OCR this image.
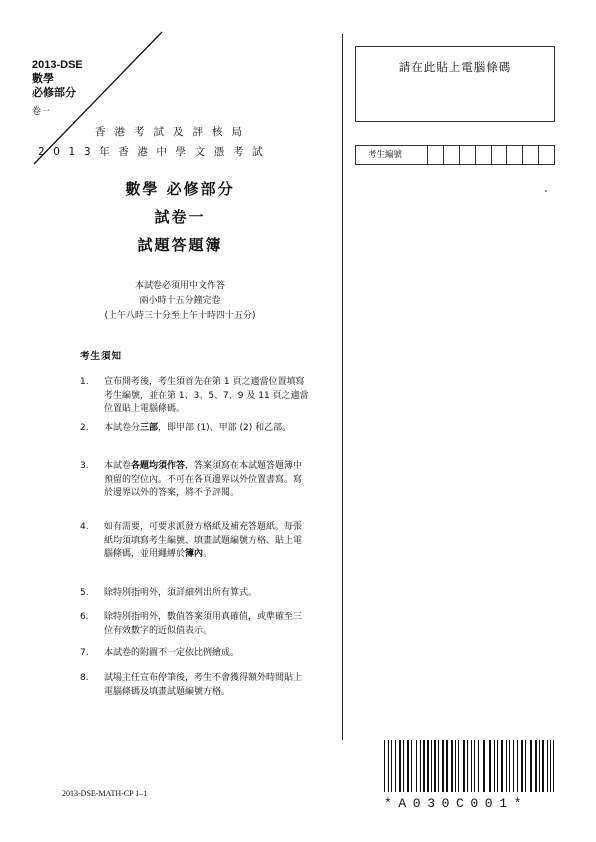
2013-DSE
數學
必修部分
卷一
香港考試及評核局
2013年香港中學文憑考試
請在此貼上電腦條碼
考生編號
數學 必修部分
試卷一
試題答題簿
本試卷必須用中文作答
兩小時十五分鐘完卷
(上午八時三十分至上午十時四十五分)
考生須知
1.	宣布開考後，考生須首先在第 1 頁之適當位置填寫考生編號，並在第 1、3、5、7、9 及 11 頁之適當位置貼上電腦條碼。
2.	本試卷分三部，即甲部 (1)、甲部 (2) 和乙部。
3.	本試卷各題均須作答，答案須寫在本試題答題簿中預留的空位內。不可在各頁邊界以外位置書寫。寫於邊界以外的答案，將不予評閱。
4.	如有需要，可要求派發方格紙及補充答題紙。每張紙均須填寫考生編號、填畫試題編號方格、貼上電腦條碼，並用繩縛於簿內。
5.	除特別指明外，須詳細列出所有算式。
6.	除特別指明外，數值答案須用真確值，或準確至三位有效數字的近似值表示。
7.	本試卷的附圖不一定依比例繪成。
8.	試場主任宣布停筆後，考生不會獲得額外時間貼上電腦條碼及填畫試題編號方格。
2013-DSE-MATH-CP 1–1
*A030C001*
